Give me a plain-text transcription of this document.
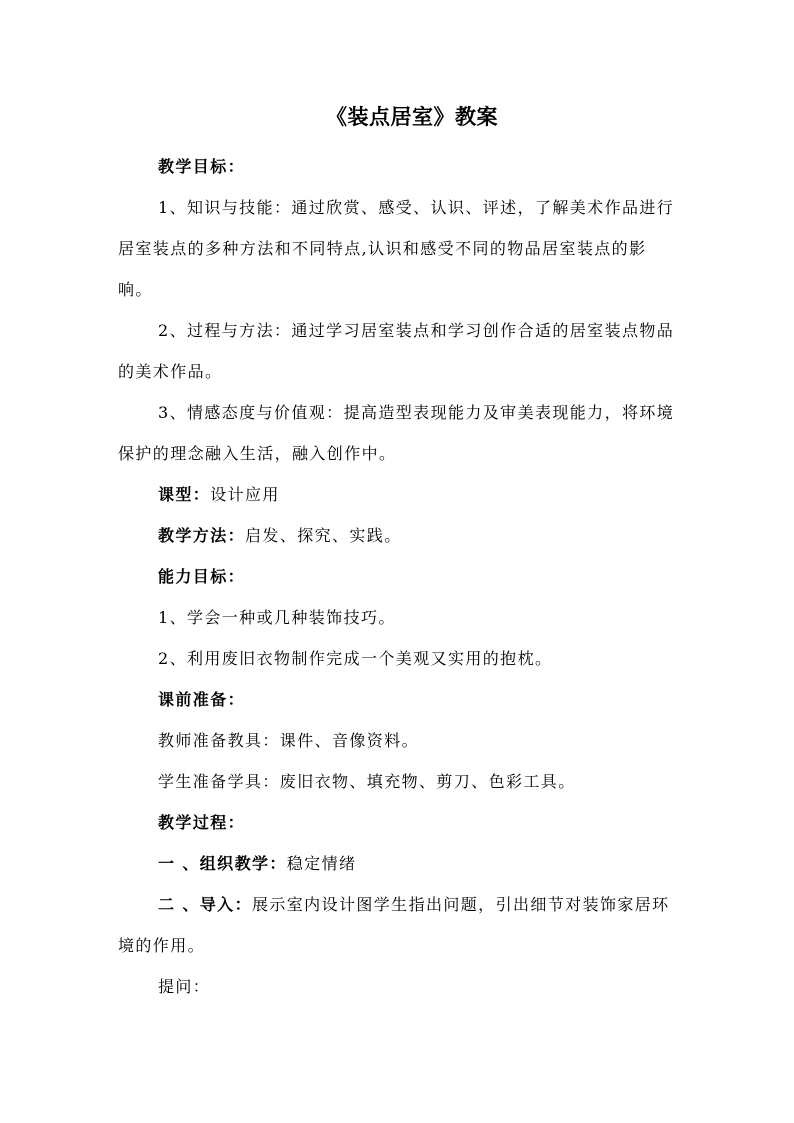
《装点居室》教案

教学目标：

1、知识与技能：通过欣赏、感受、认识、评述，了解美术作品进行居室装点的多种方法和不同特点,认识和感受不同的物品居室装点的影响。

2、过程与方法：通过学习居室装点和学习创作合适的居室装点物品的美术作品。

3、情感态度与价值观：提高造型表现能力及审美表现能力，将环境保护的理念融入生活，融入创作中。

课型：设计应用

教学方法：启发、探究、实践。

能力目标：

1、学会一种或几种装饰技巧。

2、利用废旧衣物制作完成一个美观又实用的抱枕。

课前准备：

教师准备教具：课件、音像资料。

学生准备学具：废旧衣物、填充物、剪刀、色彩工具。

教学过程：

一 、组织教学：稳定情绪

二 、导入：展示室内设计图学生指出问题，引出细节对装饰家居环境的作用。

提问：
